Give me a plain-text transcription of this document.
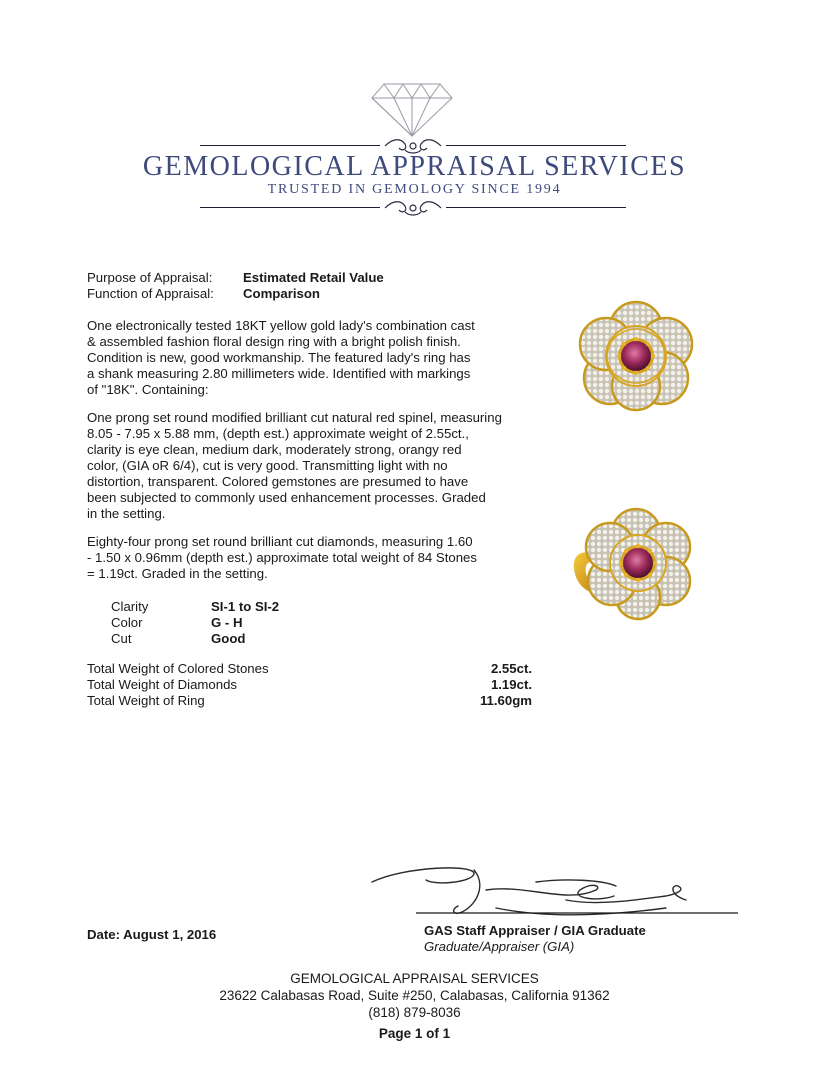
GEMOLOGICAL APPRAISAL SERVICES
TRUSTED IN GEMOLOGY SINCE 1994
Purpose of Appraisal: Estimated Retail Value
Function of Appraisal: Comparison
One electronically tested 18KT yellow gold lady's combination cast
& assembled fashion floral design ring with a bright polish finish.
Condition is new, good workmanship. The featured lady's ring has
a shank measuring 2.80 millimeters wide. Identified with markings
of "18K". Containing:
One prong set round modified brilliant cut natural red spinel, measuring
8.05 - 7.95 x 5.88 mm, (depth est.) approximate weight of 2.55ct.,
clarity is eye clean, medium dark, moderately strong, orangy red
color, (GIA oR 6/4), cut is very good. Transmitting light with no
distortion, transparent. Colored gemstones are presumed to have
been subjected to commonly used enhancement processes. Graded
in the setting.
Eighty-four prong set round brilliant cut diamonds, measuring 1.60
- 1.50 x 0.96mm (depth est.) approximate total weight of 84 Stones
= 1.19ct. Graded in the setting.
Clarity	SI-1 to SI-2
Color	G - H
Cut	Good
Total Weight of Colored Stones	2.55ct.
Total Weight of Diamonds	1.19ct.
Total Weight of Ring	11.60gm
Date: August 1, 2016	GAS Staff Appraiser / GIA Graduate
Graduate/Appraiser (GIA)
GEMOLOGICAL APPRAISAL SERVICES
23622 Calabasas Road, Suite #250, Calabasas, California 91362
(818) 879-8036
Page 1 of 1
